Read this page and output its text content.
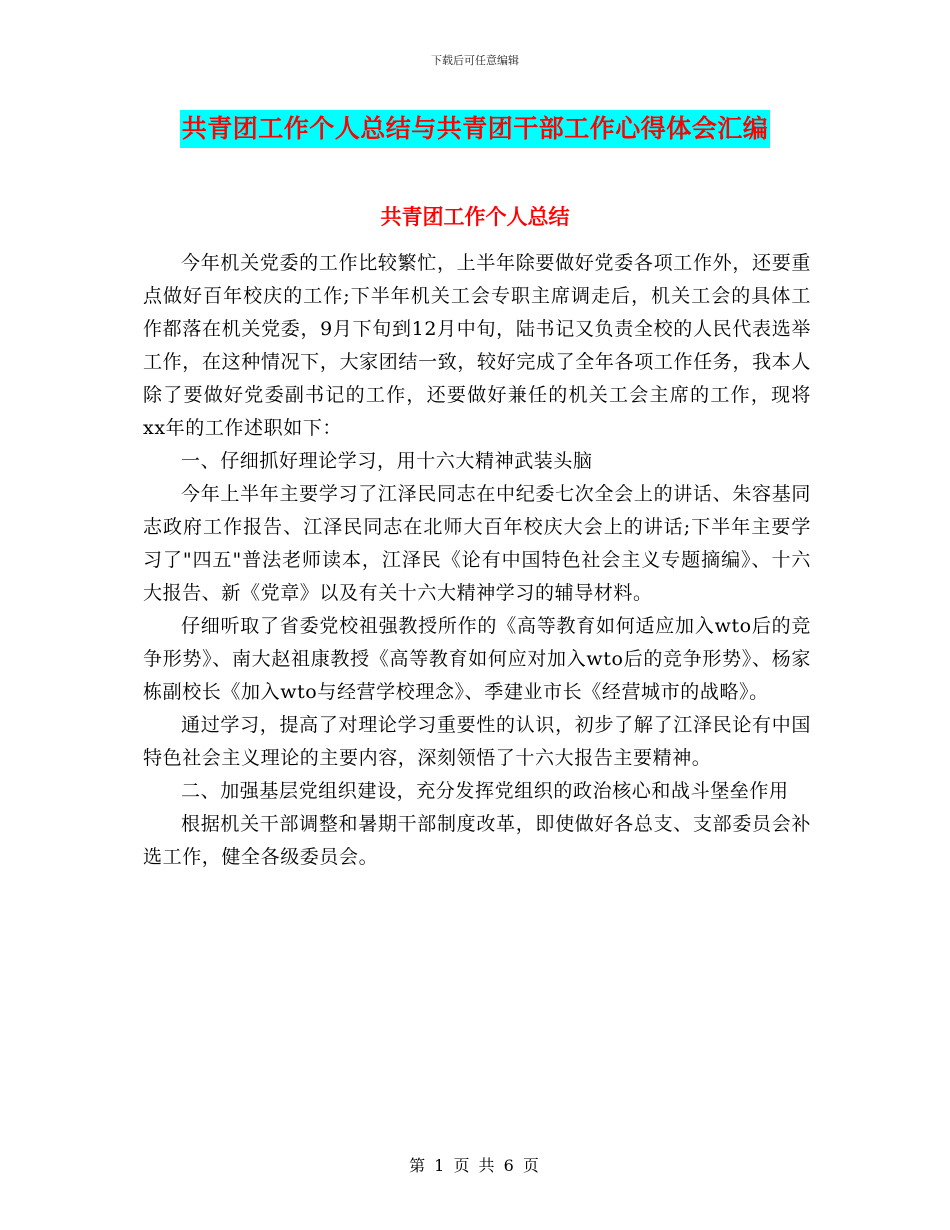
下载后可任意编辑
共青团工作个人总结与共青团干部工作心得体会汇编
共青团工作个人总结

今年机关党委的工作比较繁忙，上半年除要做好党委各项工作外，还要重点做好百年校庆的工作;下半年机关工会专职主席调走后，机关工会的具体工作都落在机关党委，9月下旬到12月中旬，陆书记又负责全校的人民代表选举工作，在这种情况下，大家团结一致，较好完成了全年各项工作任务，我本人除了要做好党委副书记的工作，还要做好兼任的机关工会主席的工作，现将xx年的工作述职如下：

一、仔细抓好理论学习，用十六大精神武装头脑

今年上半年主要学习了江泽民同志在中纪委七次全会上的讲话、朱容基同志政府工作报告、江泽民同志在北师大百年校庆大会上的讲话;下半年主要学习了"四五"普法老师读本，江泽民《论有中国特色社会主义专题摘编》、十六大报告、新《党章》以及有关十六大精神学习的辅导材料。

仔细听取了省委党校祖强教授所作的《高等教育如何适应加入wto后的竞争形势》、南大赵祖康教授《高等教育如何应对加入wto后的竞争形势》、杨家栋副校长《加入wto与经营学校理念》、季建业市长《经营城市的战略》。

通过学习，提高了对理论学习重要性的认识，初步了解了江泽民论有中国特色社会主义理论的主要内容，深刻领悟了十六大报告主要精神。

二、加强基层党组织建设，充分发挥党组织的政治核心和战斗堡垒作用

根据机关干部调整和暑期干部制度改革，即使做好各总支、支部委员会补选工作，健全各级委员会。

第 1 页 共 6 页
